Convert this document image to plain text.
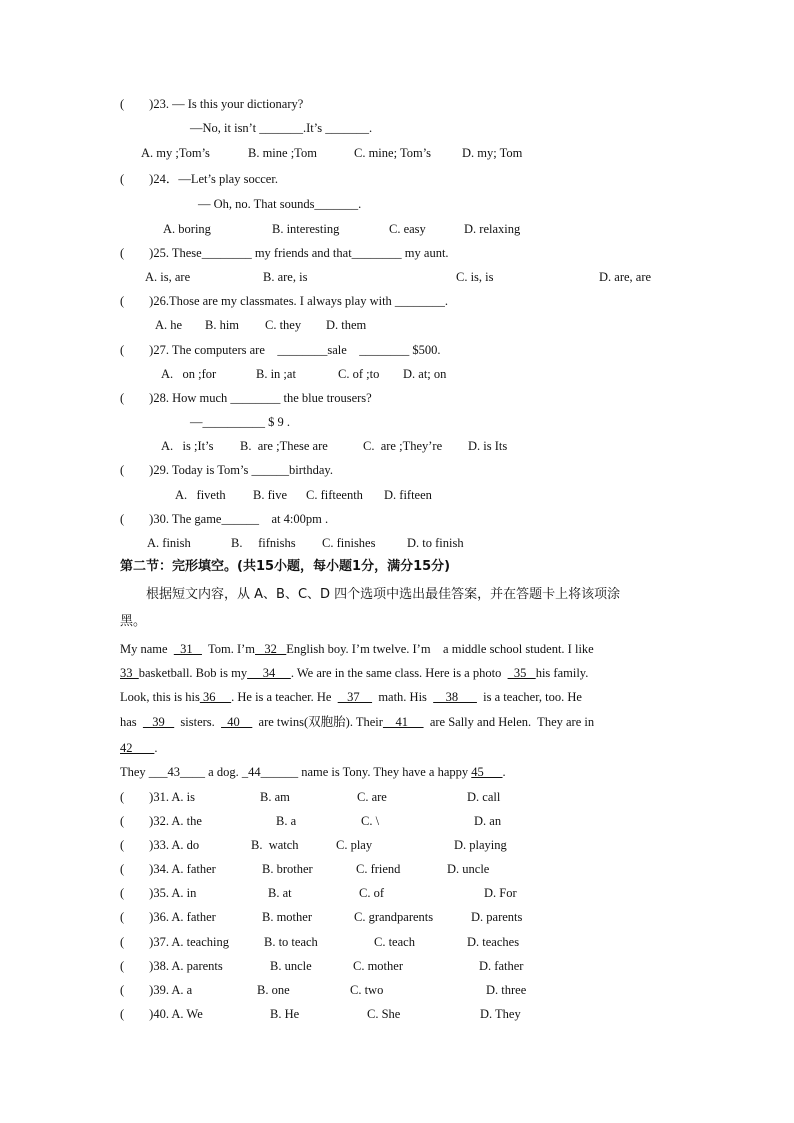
(        )23. — Is this your dictionary?
—No, it isn’t _______.It’s _______.
A. my ;Tom’s	B. mine ;Tom	C. mine; Tom’s D. my; Tom
(        )24．—Let’s play soccer.
— Oh, no. That sounds_______.
A. boring	B. interesting	C. easy	D. relaxing
(        )25. These________ my friends and that________ my aunt.
A. is, are	B. are, is	C. is, is	D. are, are
(        )26.Those are my classmates. I always play with ________.
A. he B. him C. they D. them
(        )27. The computers are    ________sale    ________ $500.
A.   on ;for	B. in ;at	C. of ;to D. at; on
(        )28. How much ________ the blue trousers?
—__________ $ 9 .
A.   is ;It’s B.  are ;These are	C.  are ;They’re D. is Its
(        )29. Today is Tom’s ______birthday.
A.   fiveth B. five C. fifteenth D. fifteen
(        )30. The game______    at 4:00pm .
A. finish	B.     fifnishs C. finishes	D. to finish
第二节：完形填空。(共15小题，每小题1分，满分15分)
根据短文内容，从 A、B、C、D 四个选项中选出最佳答案，并在答题卡上将该项涂
黑。
My name    31     Tom. I’m   32   English boy. I’m twelve. I’m    a middle school student. I like
33  basketball. Bob is my     34     . We are in the same class. Here is a photo    35   his family.
Look, this is his 36     . He is a teacher. He     37      math. His      38        is a teacher, too. He
has     39     sisters.    40      are twins(双胞胎). Their    41       are Sally and Helen.  They are in
42       .
They ___43____ a dog. _44______ name is Tony. They have a happy 45      .
(        )31. A. is	B. am	C. are	D. call
(        )32. A. the	B. a	C. \	D. an
(        )33. A. do	B.  watch	C. play	D. playing
(        )34. A. father	B. brother	C. friend	D. uncle
(        )35. A. in	B. at	C. of	D. For
(        )36. A. father	B. mother	C. grandparents	D. parents
(        )37. A. teaching	B. to teach	C. teach	D. teaches
(        )38. A. parents	B. uncle	C. mother	D. father
(        )39. A. a	B. one	C. two	D. three
(        )40. A. We	B. He	C. She	D. They
